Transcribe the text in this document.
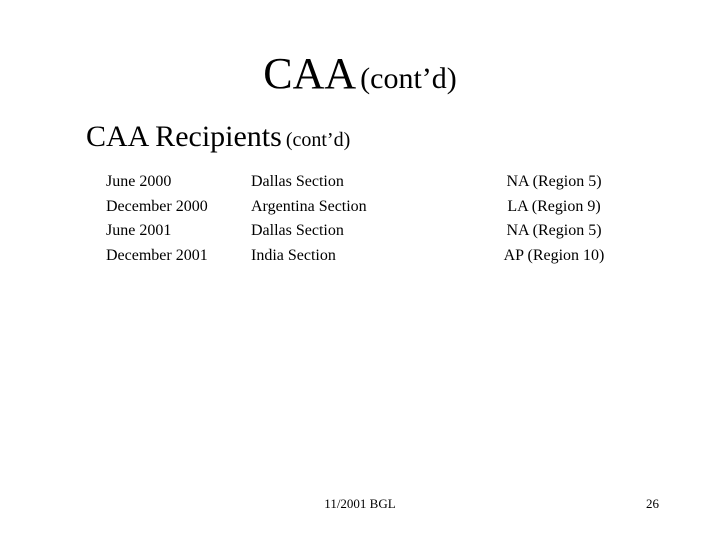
CAA (cont’d)
CAA Recipients (cont’d)
June 2000
December 2000
June 2001
December 2001
Dallas Section
Argentina Section
Dallas Section
India Section
NA (Region 5)
LA (Region 9)
NA (Region 5)
AP (Region 10)
11/2001 BGL	26
